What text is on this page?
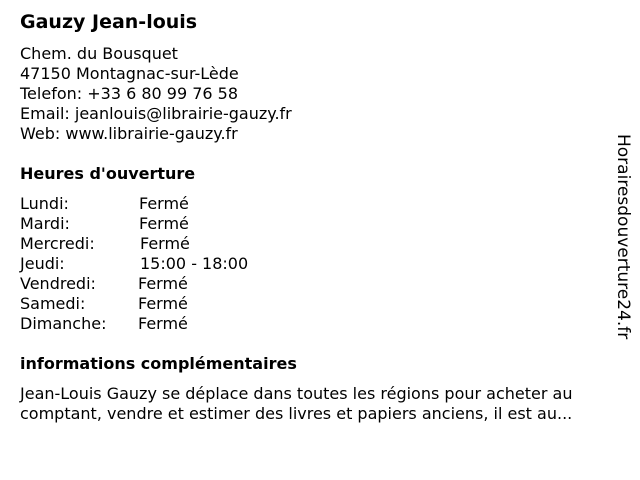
Gauzy Jean-louis
Chem. du Bousquet
47150 Montagnac-sur-Lède
Telefon: +33 6 80 99 76 58
Email: jeanlouis@librairie-gauzy.fr
Web: www.librairie-gauzy.fr
Heures d'ouverture
Lundi:	Fermé
Mardi:	Fermé
Mercredi:	Fermé
Jeudi:	15:00 - 18:00
Vendredi:	Fermé
Samedi:	Fermé
Dimanche: Fermé
informations complémentaires
Jean-Louis Gauzy se déplace dans toutes les régions pour acheter au
comptant, vendre et estimer des livres et papiers anciens, il est au...
Horairesdouverture24.fr
